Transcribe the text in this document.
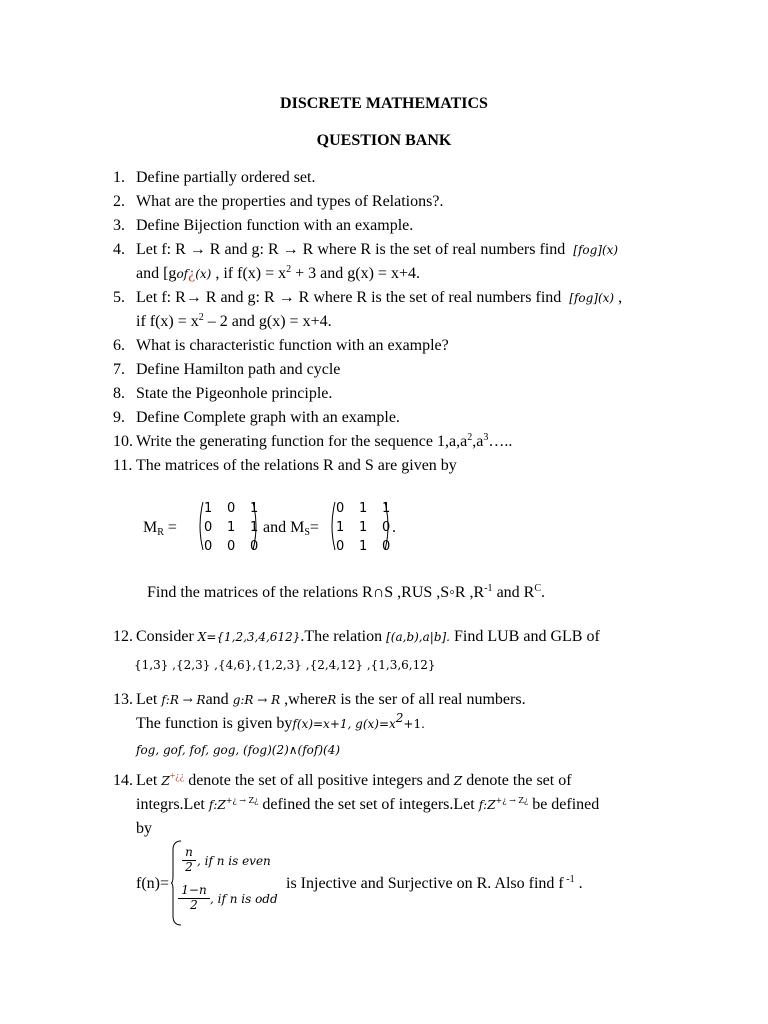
DISCRETE MATHEMATICS
QUESTION BANK
1. Define partially ordered set.
2. What are the properties and types of Relations?.
3. Define Bijection function with an example.
4. Let f: R → R and g: R → R where R is the set of real numbers find [fog](x)
and [gof¿(x) , if $f(x) = x^2 + 3$ and g(x) = x+4.
5. Let f: R→ R and g: R → R where R is the set of real numbers find [fog](x) ,
if $f(x) = x^2 - 2$ and g(x) = x+4.
6. What is characteristic function with an example?
7. Define Hamilton path and cycle
8. State the Pigeonhole principle.
9. Define Complete graph with an example.
10. Write the generating function for the sequence $1,a,a^2,a^3\dots$..
11. The matrices of the relations R and S are given by
$M_R$ =
1 0 1
0 1 1
0 0 0
and $M_S=$
0 1 1
1 1 0
0 1 0
.
Find the matrices of the relations R∩S ,RUS ,S◦R $,R^{-1}$ and $R^C$.
12. Consider X={1,2,3,4,612}.The relation [(a,b),a|b]. Find LUB and GLB of
{1,3} ,{2,3} ,{4,6},{1,2,3} ,{2,4,12} ,{1,3,6,12}
13. Let f:R → Rand g:R → R ,whereR is the ser of all real numbers.
The function is given byf(x)=x+1, $g(x)=x^2+1$.
fog, gof, fof, gog, (fog)(2)∧(fof)(4)
14. Let Z+¿¿ denote the set of all positive integers and Z denote the set of
integrs.Let $f:Z^{+¿ \to Z¿}$ defined the set set of integers.Let $f:Z^{+¿ \to Z¿}$ be defined
by
f(n)=
$\frac{n}{2}$ , if n is even
$\frac{1-n}{2}$ , if n is odd
is Injective and Surjective on R. Also find f $^{-1}$ .
